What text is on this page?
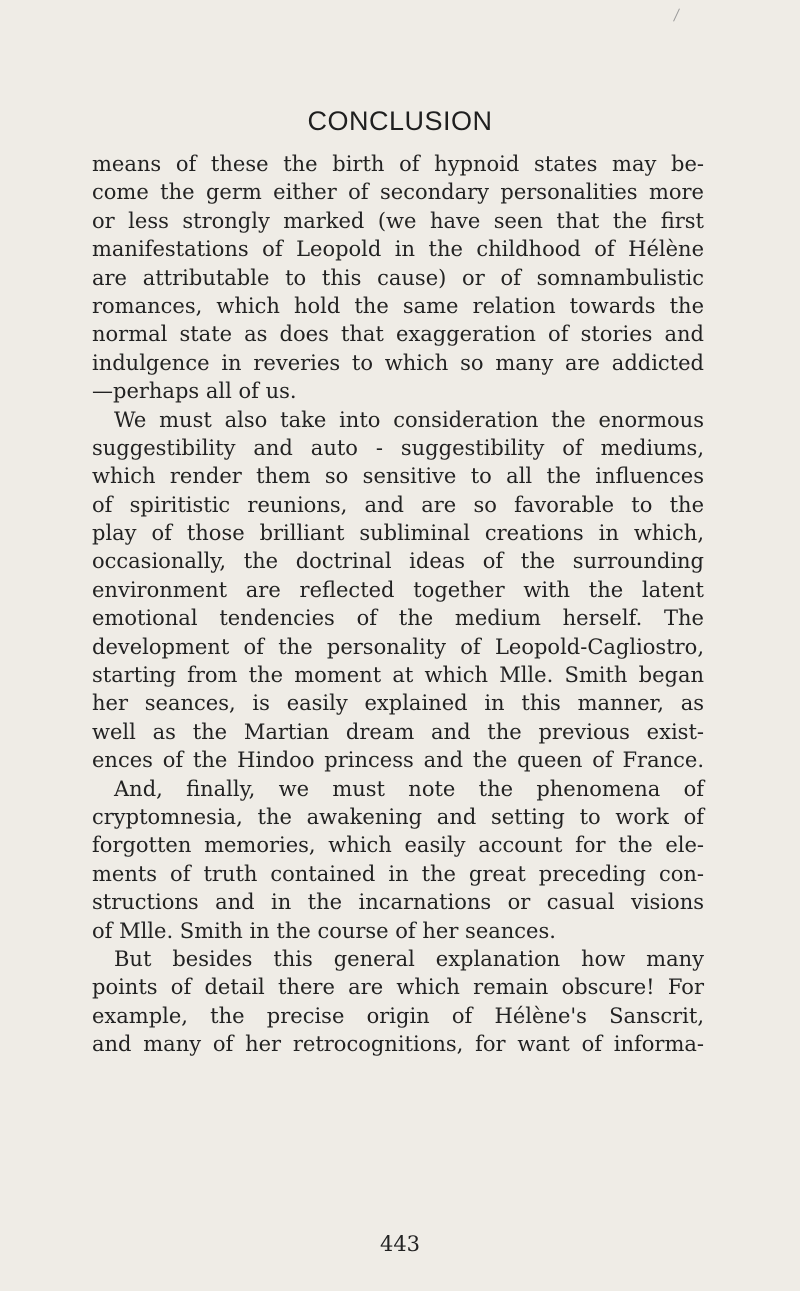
CONCLUSION
means of these the birth of hypnoid states may be-
come the germ either of secondary personalities more
or less strongly marked (we have seen that the first
manifestations of Leopold in the childhood of Hélène
are attributable to this cause) or of somnambulistic
romances, which hold the same relation towards the
normal state as does that exaggeration of stories and
indulgence in reveries to which so many are addicted
—perhaps all of us.
We must also take into consideration the enormous
suggestibility and auto - suggestibility of mediums,
which render them so sensitive to all the influences
of spiritistic reunions, and are so favorable to the
play of those brilliant subliminal creations in which,
occasionally, the doctrinal ideas of the surrounding
environment are reflected together with the latent
emotional tendencies of the medium herself. The
development of the personality of Leopold-Cagliostro,
starting from the moment at which Mlle. Smith began
her seances, is easily explained in this manner, as
well as the Martian dream and the previous exist-
ences of the Hindoo princess and the queen of France.
And, finally, we must note the phenomena of
cryptomnesia, the awakening and setting to work of
forgotten memories, which easily account for the ele-
ments of truth contained in the great preceding con-
structions and in the incarnations or casual visions
of Mlle. Smith in the course of her seances.
But besides this general explanation how many
points of detail there are which remain obscure! For
example, the precise origin of Hélène's Sanscrit,
and many of her retrocognitions, for want of informa-
443
